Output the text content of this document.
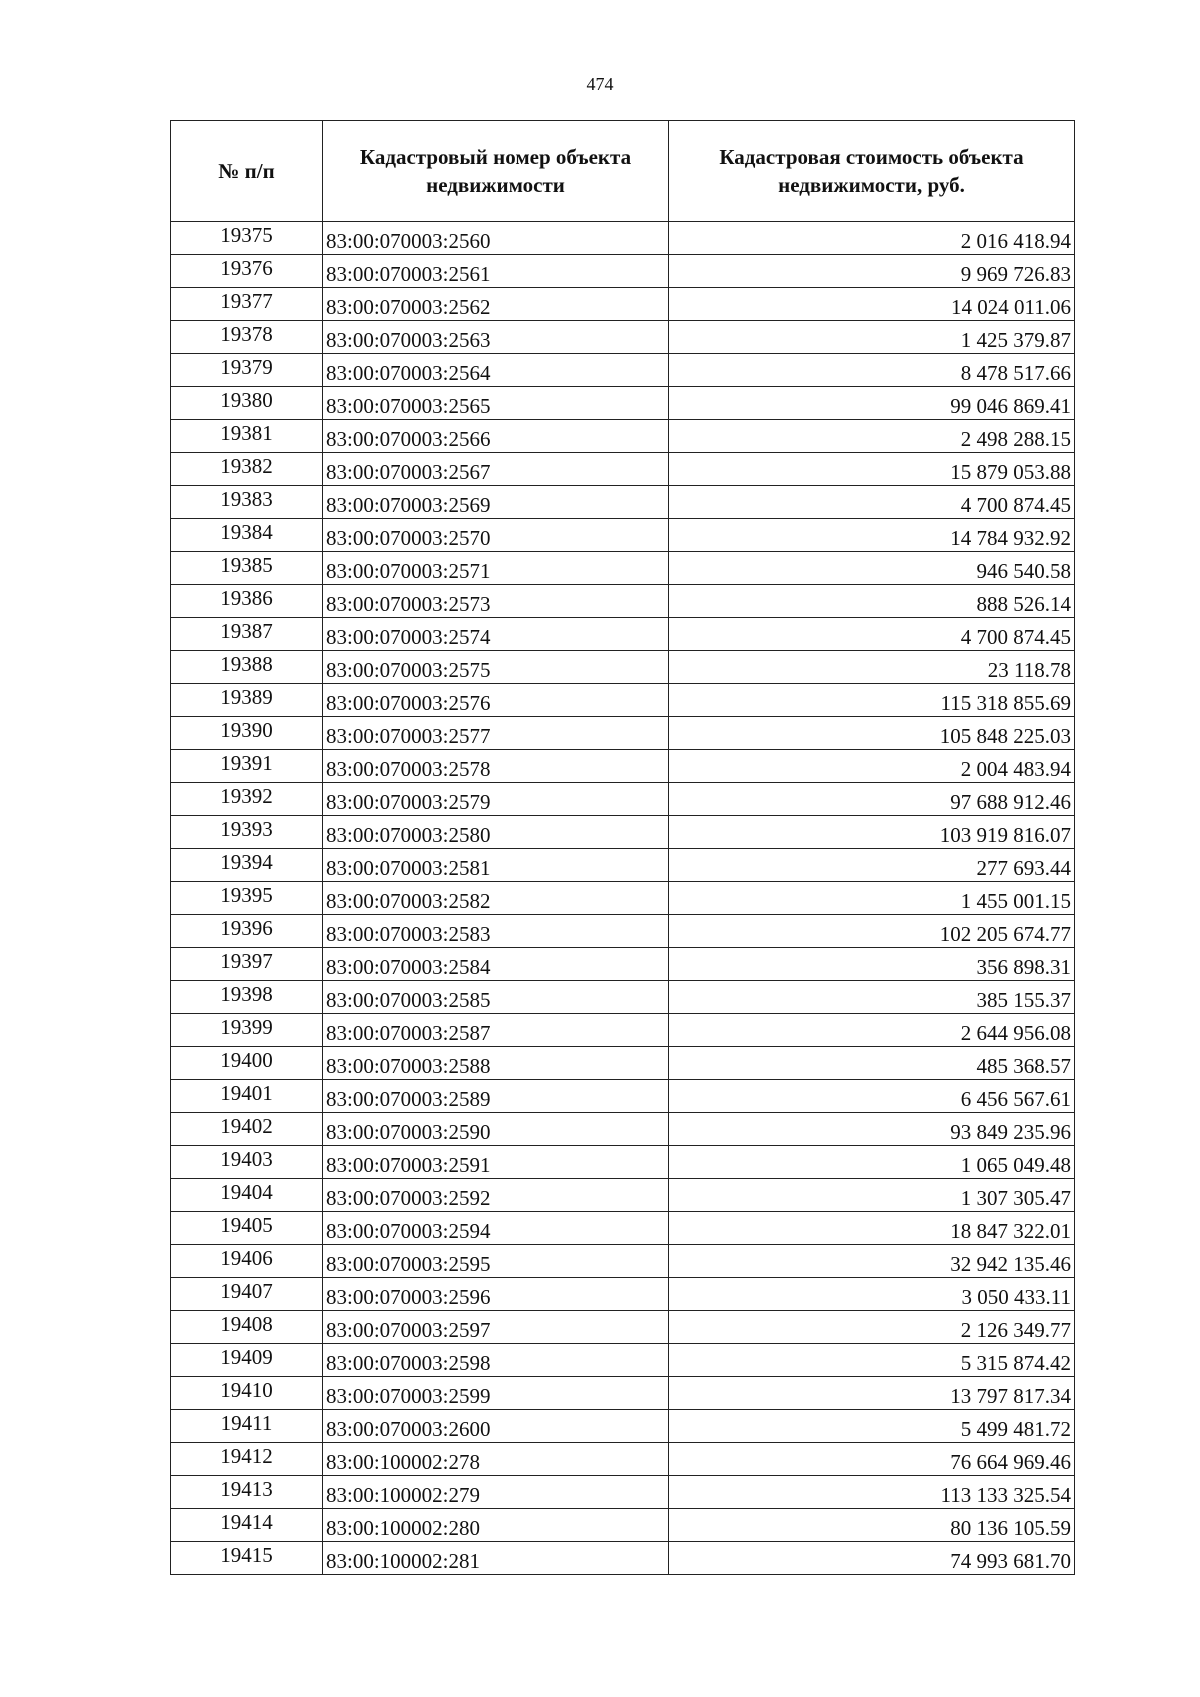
474
№ п/п	Кадастровый номер объекта недвижимости	Кадастровая стоимость объекта недвижимости, руб.
19375	83:00:070003:2560	2 016 418.94
19376	83:00:070003:2561	9 969 726.83
19377	83:00:070003:2562	14 024 011.06
19378	83:00:070003:2563	1 425 379.87
19379	83:00:070003:2564	8 478 517.66
19380	83:00:070003:2565	99 046 869.41
19381	83:00:070003:2566	2 498 288.15
19382	83:00:070003:2567	15 879 053.88
19383	83:00:070003:2569	4 700 874.45
19384	83:00:070003:2570	14 784 932.92
19385	83:00:070003:2571	946 540.58
19386	83:00:070003:2573	888 526.14
19387	83:00:070003:2574	4 700 874.45
19388	83:00:070003:2575	23 118.78
19389	83:00:070003:2576	115 318 855.69
19390	83:00:070003:2577	105 848 225.03
19391	83:00:070003:2578	2 004 483.94
19392	83:00:070003:2579	97 688 912.46
19393	83:00:070003:2580	103 919 816.07
19394	83:00:070003:2581	277 693.44
19395	83:00:070003:2582	1 455 001.15
19396	83:00:070003:2583	102 205 674.77
19397	83:00:070003:2584	356 898.31
19398	83:00:070003:2585	385 155.37
19399	83:00:070003:2587	2 644 956.08
19400	83:00:070003:2588	485 368.57
19401	83:00:070003:2589	6 456 567.61
19402	83:00:070003:2590	93 849 235.96
19403	83:00:070003:2591	1 065 049.48
19404	83:00:070003:2592	1 307 305.47
19405	83:00:070003:2594	18 847 322.01
19406	83:00:070003:2595	32 942 135.46
19407	83:00:070003:2596	3 050 433.11
19408	83:00:070003:2597	2 126 349.77
19409	83:00:070003:2598	5 315 874.42
19410	83:00:070003:2599	13 797 817.34
19411	83:00:070003:2600	5 499 481.72
19412	83:00:100002:278	76 664 969.46
19413	83:00:100002:279	113 133 325.54
19414	83:00:100002:280	80 136 105.59
19415	83:00:100002:281	74 993 681.70
